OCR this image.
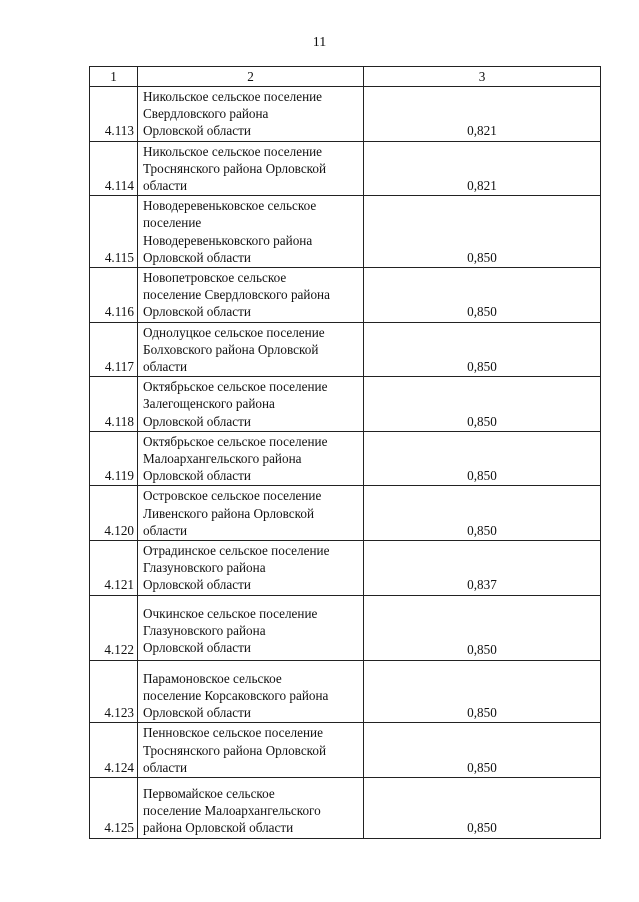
11
1	2	3
4.113	Никольское сельское поселение
Свердловского района
Орловской области	0,821
4.114	Никольское сельское поселение
Троснянского района Орловской
области	0,821
4.115	Новодеревеньковское сельское
поселение
Новодеревеньковского района
Орловской области	0,850
4.116	Новопетровское сельское
поселение Свердловского района
Орловской области	0,850
4.117	Однолуцкое сельское поселение
Болховского района Орловской
области	0,850
4.118	Октябрьское сельское поселение
Залегощенского района
Орловской области	0,850
4.119	Октябрьское сельское поселение
Малоархангельского района
Орловской области	0,850
4.120	Островское сельское поселение
Ливенского района Орловской
области	0,850
4.121	Отрадинское сельское поселение
Глазуновского района
Орловской области	0,837
4.122	Очкинское сельское поселение
Глазуновского района
Орловской области	0,850
4.123	Парамоновское сельское
поселение Корсаковского района
Орловской области	0,850
4.124	Пенновское сельское поселение
Троснянского района Орловской
области	0,850
4.125	Первомайское сельское
поселение Малоархангельского
района Орловской области	0,850
